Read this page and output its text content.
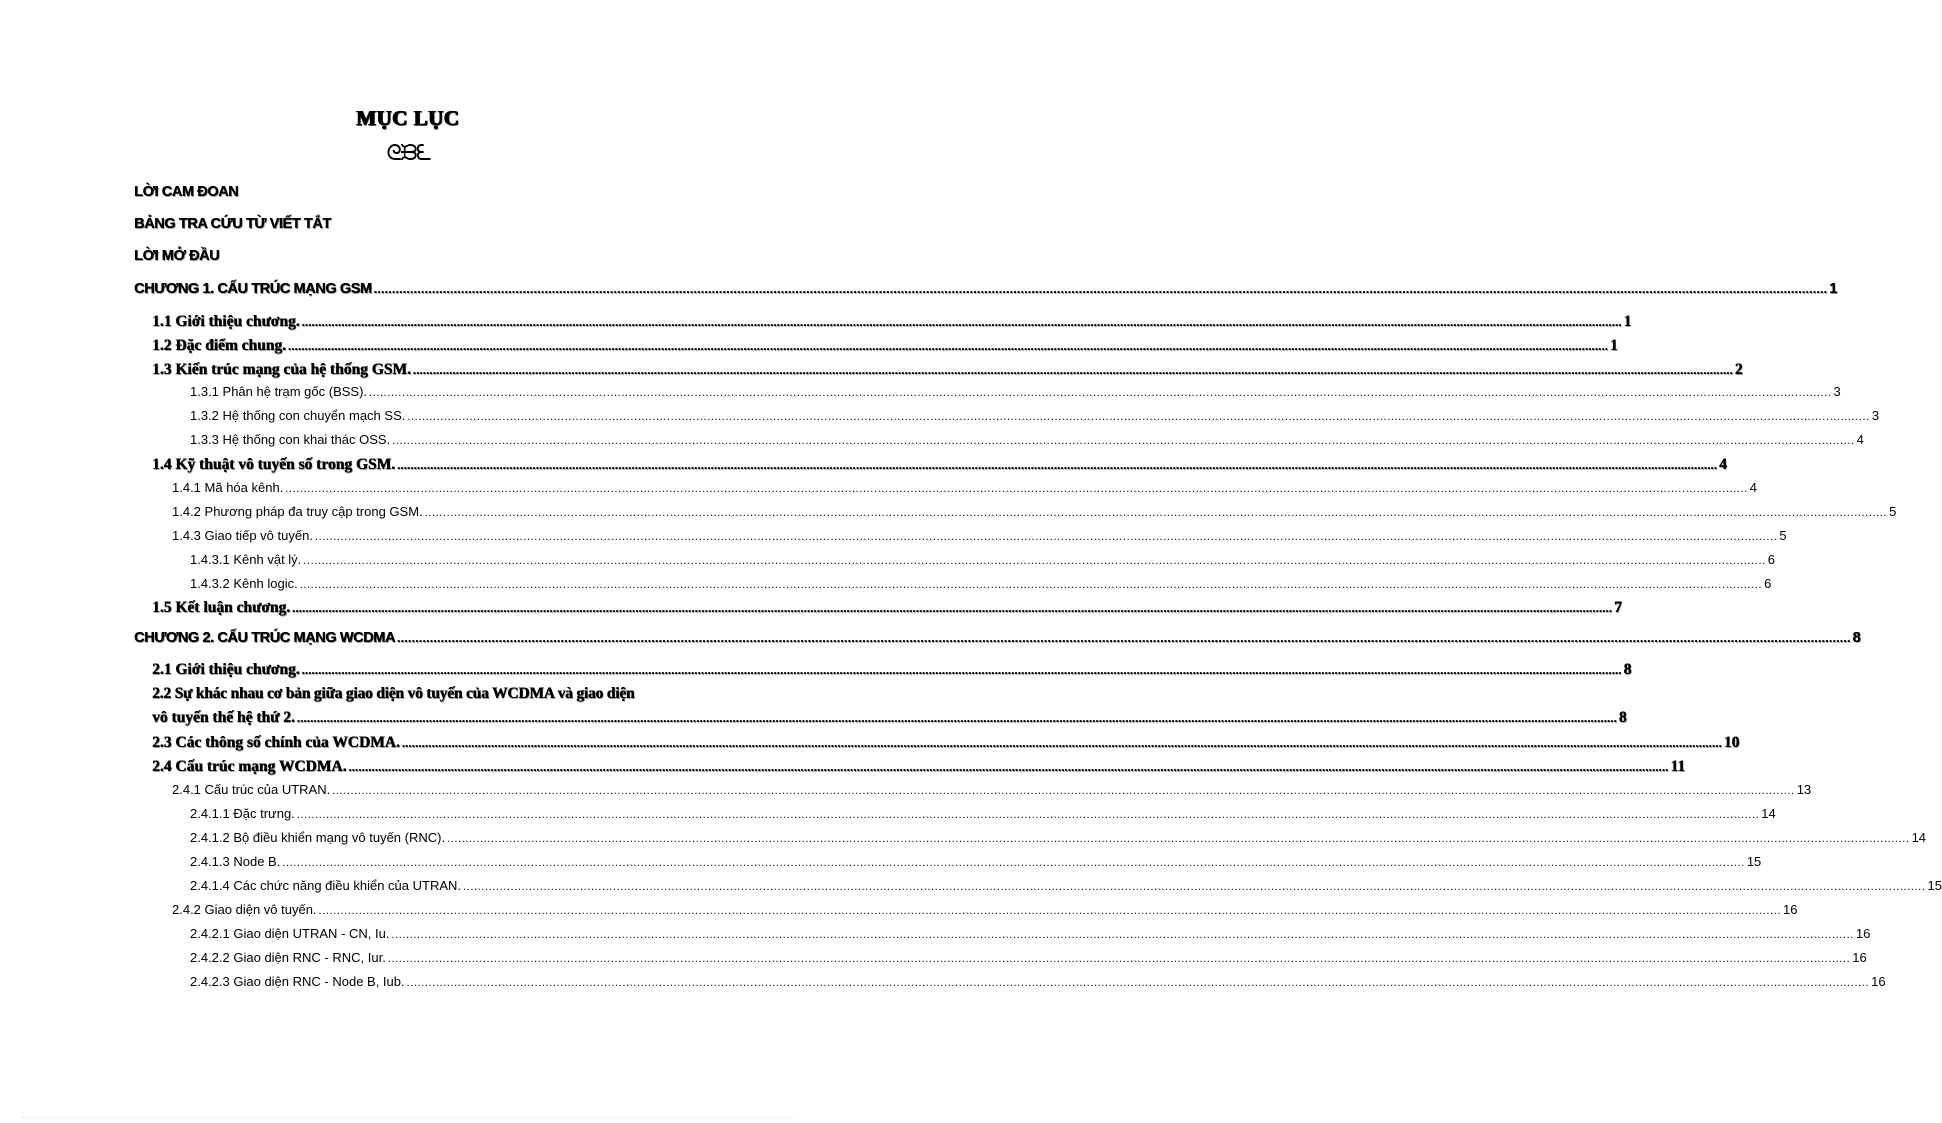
MỤC LỤC
ᘓᙖᘍ
LỜI CAM ĐOAN
BẢNG TRA CỨU TỪ VIẾT TẮT
LỜI MỞ ĐẦU
CHƯƠNG 1. CẤU TRÚC MẠNG GSM ................................................................................................................................................................................................................................................................................................................................................................................................................ 1
1.1 Giới thiệu chương. ................................................................................................................................................................................................................................................................................................................................................................................................................ 1
1.2 Đặc điểm chung. ................................................................................................................................................................................................................................................................................................................................................................................................................ 1
1.3 Kiến trúc mạng của hệ thống GSM. ................................................................................................................................................................................................................................................................................................................................................................................................................ 2
1.3.1 Phân hệ trạm gốc (BSS). ................................................................................................................................................................................................................................................................................................................................................................................................................ 3
1.3.2 Hệ thống con chuyển mạch SS. ................................................................................................................................................................................................................................................................................................................................................................................................................ 3
1.3.3 Hệ thống con khai thác OSS. ................................................................................................................................................................................................................................................................................................................................................................................................................ 4
1.4 Kỹ thuật vô tuyến số trong GSM. ................................................................................................................................................................................................................................................................................................................................................................................................................ 4
1.4.1 Mã hóa kênh. ................................................................................................................................................................................................................................................................................................................................................................................................................ 4
1.4.2 Phương pháp đa truy cập trong GSM. ................................................................................................................................................................................................................................................................................................................................................................................................................ 5
1.4.3 Giao tiếp vô tuyến. ................................................................................................................................................................................................................................................................................................................................................................................................................ 5
1.4.3.1 Kênh vật lý. ................................................................................................................................................................................................................................................................................................................................................................................................................ 6
1.4.3.2 Kênh logic. ................................................................................................................................................................................................................................................................................................................................................................................................................ 6
1.5 Kết luận chương. ................................................................................................................................................................................................................................................................................................................................................................................................................ 7
CHƯƠNG 2. CẤU TRÚC MẠNG WCDMA ................................................................................................................................................................................................................................................................................................................................................................................................................ 8
2.1 Giới thiệu chương. ................................................................................................................................................................................................................................................................................................................................................................................................................ 8
2.2 Sự khác nhau cơ bản giữa giao diện vô tuyến của WCDMA và giao diện
vô tuyến thế hệ thứ 2. ................................................................................................................................................................................................................................................................................................................................................................................................................ 8
2.3 Các thông số chính của WCDMA. ................................................................................................................................................................................................................................................................................................................................................................................................................ 10
2.4 Cấu trúc mạng WCDMA. ................................................................................................................................................................................................................................................................................................................................................................................................................ 11
2.4.1 Cấu trúc của UTRAN. ................................................................................................................................................................................................................................................................................................................................................................................................................ 13
2.4.1.1 Đặc trưng. ................................................................................................................................................................................................................................................................................................................................................................................................................ 14
2.4.1.2 Bộ điều khiển mạng vô tuyến (RNC). ................................................................................................................................................................................................................................................................................................................................................................................................................ 14
2.4.1.3 Node B. ................................................................................................................................................................................................................................................................................................................................................................................................................ 15
2.4.1.4 Các chức năng điều khiển của UTRAN. ................................................................................................................................................................................................................................................................................................................................................................................................................ 15
2.4.2 Giao diện vô tuyến. ................................................................................................................................................................................................................................................................................................................................................................................................................ 16
2.4.2.1 Giao diện UTRAN - CN, Iu. ................................................................................................................................................................................................................................................................................................................................................................................................................ 16
2.4.2.2 Giao diện RNC - RNC, Iur. ................................................................................................................................................................................................................................................................................................................................................................................................................ 16
2.4.2.3 Giao diện RNC - Node B, Iub. ................................................................................................................................................................................................................................................................................................................................................................................................................ 16
